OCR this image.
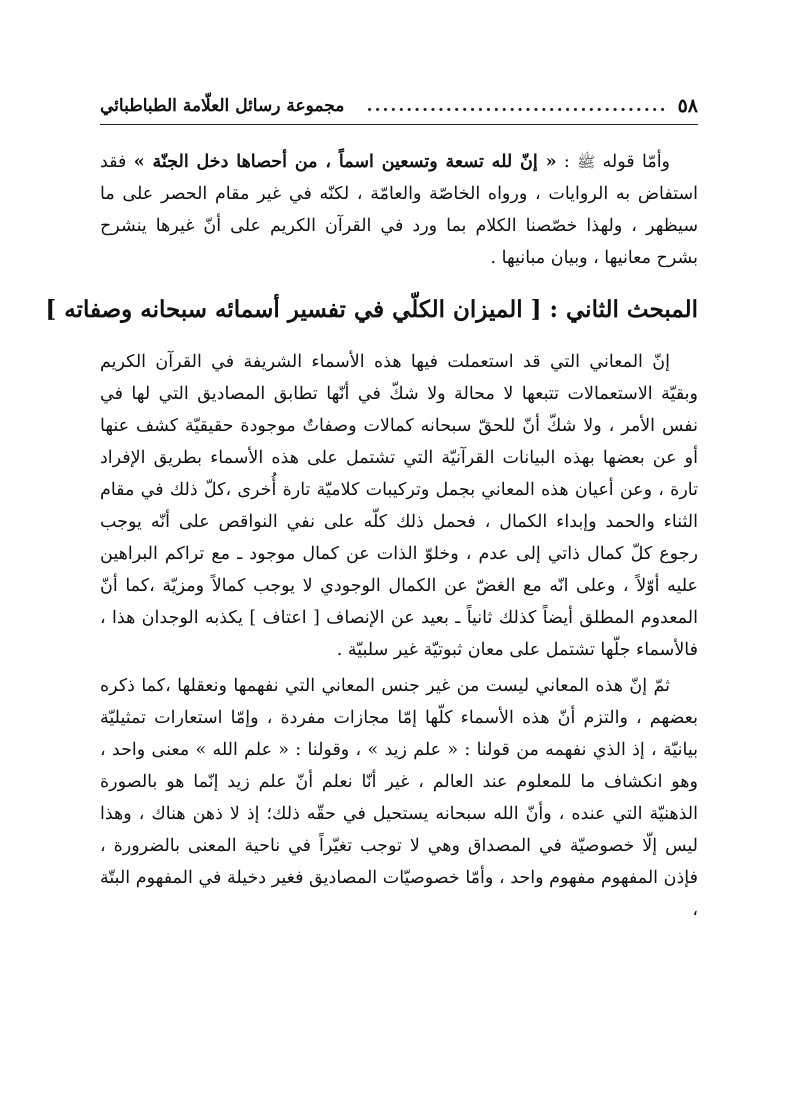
٥٨
......................................
مجموعة رسائل العلّامة الطباطبائي

وأمّا قوله ﷺ : « إنّ لله تسعة وتسعين اسماً ، من أحصاها دخل الجنّة » فقد استفاض به الروايات ، ورواه الخاصّة والعامّة ، لكنّه في غير مقام الحصر على ما سيظهر ، ولهذا خصّصنا الكلام بما ورد في القرآن الكريم على أنّ غيرها ينشرح بشرح معانيها ، وبيان مبانيها .

المبحث الثاني : [ الميزان الكلّي في تفسير أسمائه سبحانه وصفاته ]

إنّ المعاني التي قد استعملت فيها هذه الأسماء الشريفة في القرآن الكريم وبقيّة الاستعمالات تتبعها لا محالة ولا شكّ في أنّها تطابق المصاديق التي لها في نفس الأمر ، ولا شكّ أنّ للحقّ سبحانه كمالات وصفاتٌ موجودة حقيقيّة كشف عنها أو عن بعضها بهذه البيانات القرآنيّة التي تشتمل على هذه الأسماء بطريق الإفراد تارة ، وعن أعيان هذه المعاني بجمل وتركيبات كلاميّة تارة أُخرى ،كلّ ذلك في مقام الثناء والحمد وإبداء الكمال ، فحمل ذلك كلّه على نفي النواقص على أنّه يوجب رجوع كلّ كمال ذاتي إلى عدم ، وخلوّ الذات عن كمال موجود ـ مع تراكم البراهين عليه أوّلاً ، وعلى انّه مع الغضّ عن الكمال الوجودي لا يوجب كمالاً ومزيّة ،كما أنّ المعدوم المطلق أيضاً كذلك ثانياً ـ بعيد عن الإنصاف [ اعتاف ] يكذبه الوجدان هذا ، فالأسماء جلّها تشتمل على معان ثبوتيّة غير سلبيّة .

ثمّ إنّ هذه المعاني ليست من غير جنس المعاني التي نفهمها ونعقلها ،كما ذكره بعضهم ، والتزم أنّ هذه الأسماء كلّها إمّا مجازات مفردة ، وإمّا استعارات تمثيليّة بيانيّة ، إذ الذي نفهمه من قولنا : « علم زيد » ، وقولنا : « علم الله » معنى واحد ، وهو انكشاف ما للمعلوم عند العالم ، غير أنّا نعلم أنّ علم زيد إنّما هو بالصورة الذهنيّة التي عنده ، وأنّ الله سبحانه يستحيل في حقّه ذلك؛ إذ لا ذهن هناك ، وهذا ليس إلّا خصوصيّة في المصداق وهي لا توجب تغيّراً في ناحية المعنى بالضرورة ، فإذن المفهوم مفهوم واحد ، وأمّا خصوصيّات المصاديق فغير دخيلة في المفهوم البتّة ،
